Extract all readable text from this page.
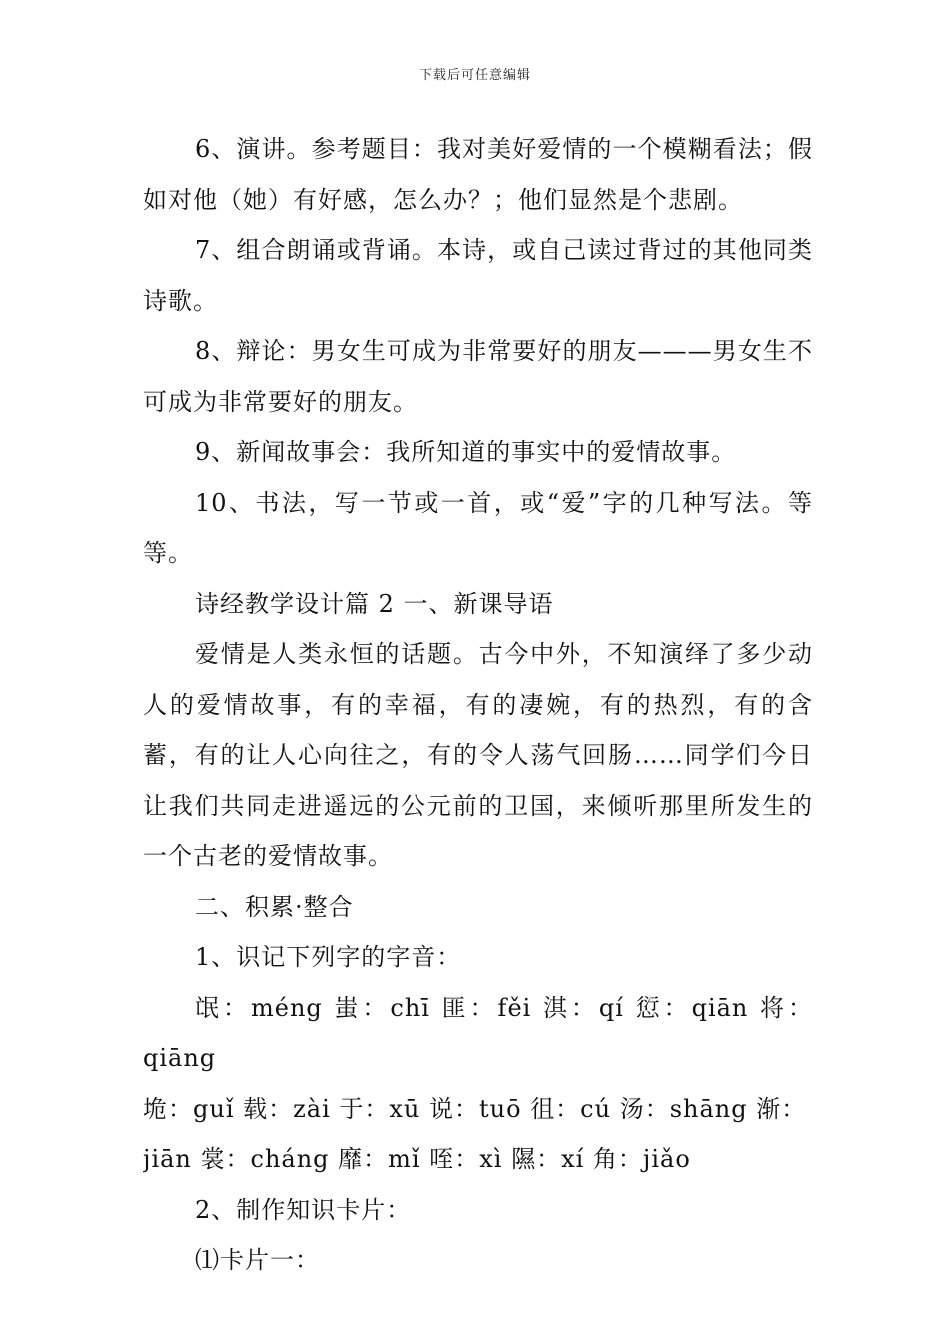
下载后可任意编辑

6、演讲。参考题目：我对美好爱情的一个模糊看法；假如对他（她）有好感，怎么办？；他们显然是个悲剧。

7、组合朗诵或背诵。本诗，或自己读过背过的其他同类诗歌。

8、辩论：男女生可成为非常要好的朋友———男女生不可成为非常要好的朋友。

9、新闻故事会：我所知道的事实中的爱情故事。

10、书法，写一节或一首，或“爱”字的几种写法。等等。

诗经教学设计篇 2 一、新课导语

爱情是人类永恒的话题。古今中外，不知演绎了多少动人的爱情故事，有的幸福，有的凄婉，有的热烈，有的含蓄，有的让人心向往之，有的令人荡气回肠……同学们今日让我们共同走进遥远的公元前的卫国，来倾听那里所发生的一个古老的爱情故事。

二、积累·整合

1、识记下列字的字音：

氓：méng 蚩：chī 匪：fěi 淇：qí 愆：qiān 将：qiāng

垝：guǐ 载：zài 于：xū 说：tuō 徂：cú 汤：shāng 渐：

jiān 裳：cháng 靡：mǐ 咥：xì 隰：xí 角：jiǎo

2、制作知识卡片：

⑴卡片一：
